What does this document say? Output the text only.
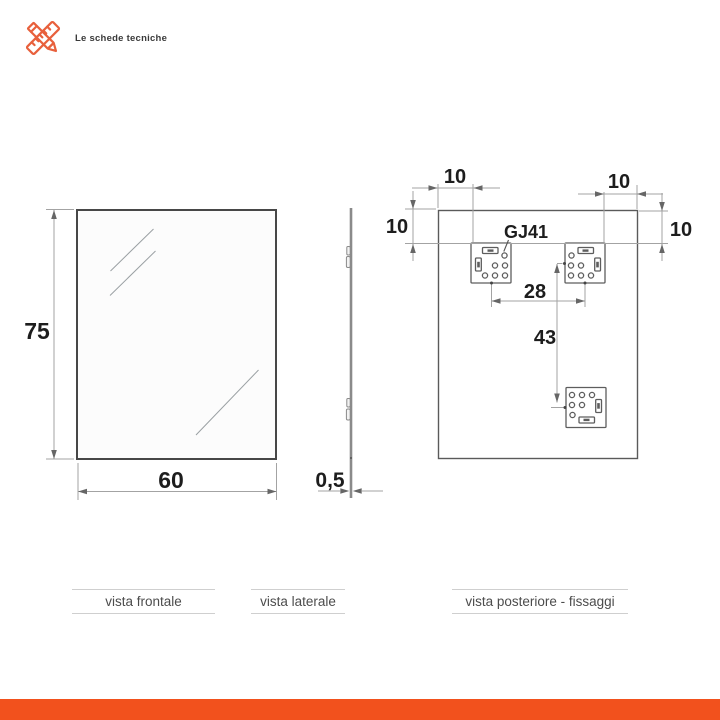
Le schede tecniche
75
60	0,5
10	10
10	10
GJ41
28
43
vista frontale	vista laterale	vista posteriore - fissaggi
